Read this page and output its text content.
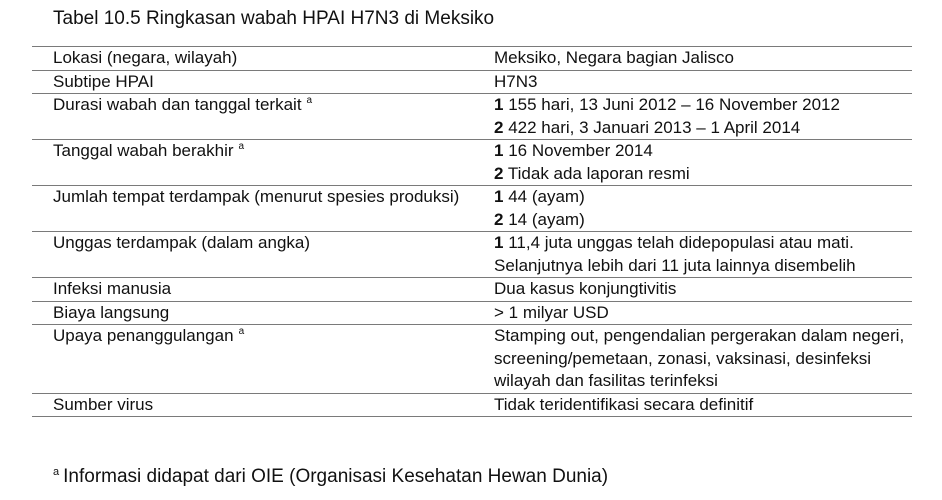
Tabel 10.5 Ringkasan wabah HPAI H7N3 di Meksiko
Lokasi (negara, wilayah)	Meksiko, Negara bagian Jalisco

Subtipe HPAI	H7N3

Durasi wabah dan tanggal terkait $^a$	1 155 hari, 13 Juni 2012 – 16 November 2012
2 422 hari, 3 Januari 2013 – 1 April 2014

Tanggal wabah berakhir $^a$	1 16 November 2014
2 Tidak ada laporan resmi

Jumlah tempat terdampak (menurut spesies produksi)	1 44 (ayam)
2 14 (ayam)

Unggas terdampak (dalam angka)	1 11,4 juta unggas telah didepopulasi atau mati. Selanjutnya lebih dari 11 juta lainnya disembelih

Infeksi manusia	Dua kasus konjungtivitis

Biaya langsung	> 1 milyar USD

Upaya penanggulangan $^a$	Stamping out, pengendalian pergerakan dalam negeri, screening/pemetaan, zonasi, vaksinasi, desinfeksi wilayah dan fasilitas terinfeksi

Sumber virus	Tidak teridentifikasi secara definitif
$^a$ Informasi didapat dari OIE (Organisasi Kesehatan Hewan Dunia)
